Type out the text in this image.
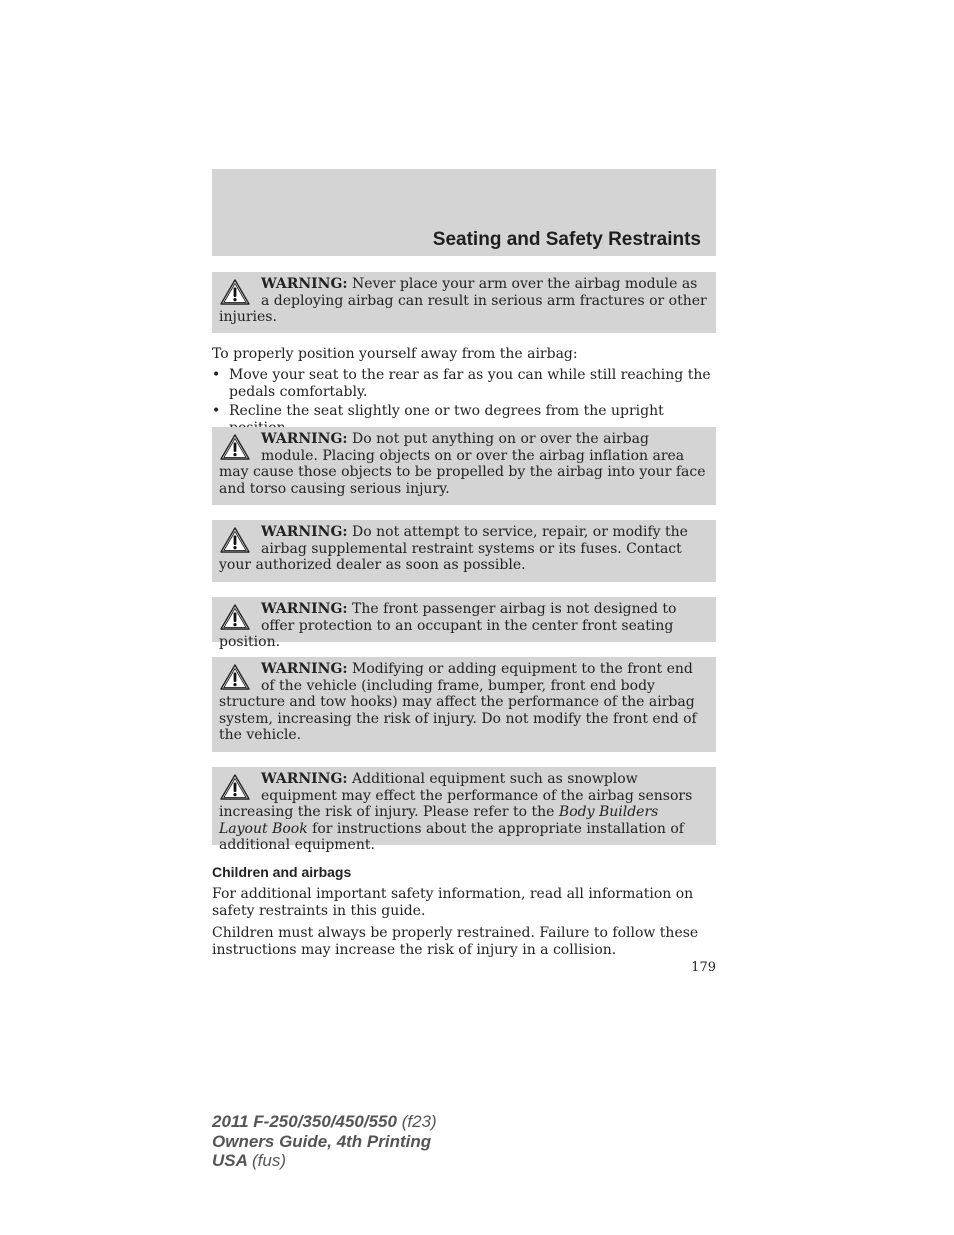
Seating and Safety Restraints
WARNING: Never place your arm over the airbag module as a deploying airbag can result in serious arm fractures or other injuries.
To properly position yourself away from the airbag:
• Move your seat to the rear as far as you can while still reaching the pedals comfortably.
• Recline the seat slightly one or two degrees from the upright
WARNING: Do not put anything on or over the airbag module. Placing objects on or over the airbag inflation area may cause those objects to be propelled by the airbag into your face and torso causing serious injury.
WARNING: Do not attempt to service, repair, or modify the airbag supplemental restraint systems or its fuses. Contact your authorized dealer as soon as possible.
WARNING: The front passenger airbag is not designed to offer protection to an occupant in the center front seating position.
WARNING: Modifying or adding equipment to the front end of the vehicle (including frame, bumper, front end body structure and tow hooks) may affect the performance of the airbag system, increasing the risk of injury. Do not modify the front end of the vehicle.
WARNING: Additional equipment such as snowplow equipment may effect the performance of the airbag sensors increasing the risk of injury. Please refer to the Body Builders Layout Book for instructions about the appropriate installation of additional equipment.
Children and airbags
For additional important safety information, read all information on safety restraints in this guide.
Children must always be properly restrained. Failure to follow these instructions may increase the risk of injury in a collision.
179
2011 F-250/350/450/550 (f23)
Owners Guide, 4th Printing
USA (fus)
